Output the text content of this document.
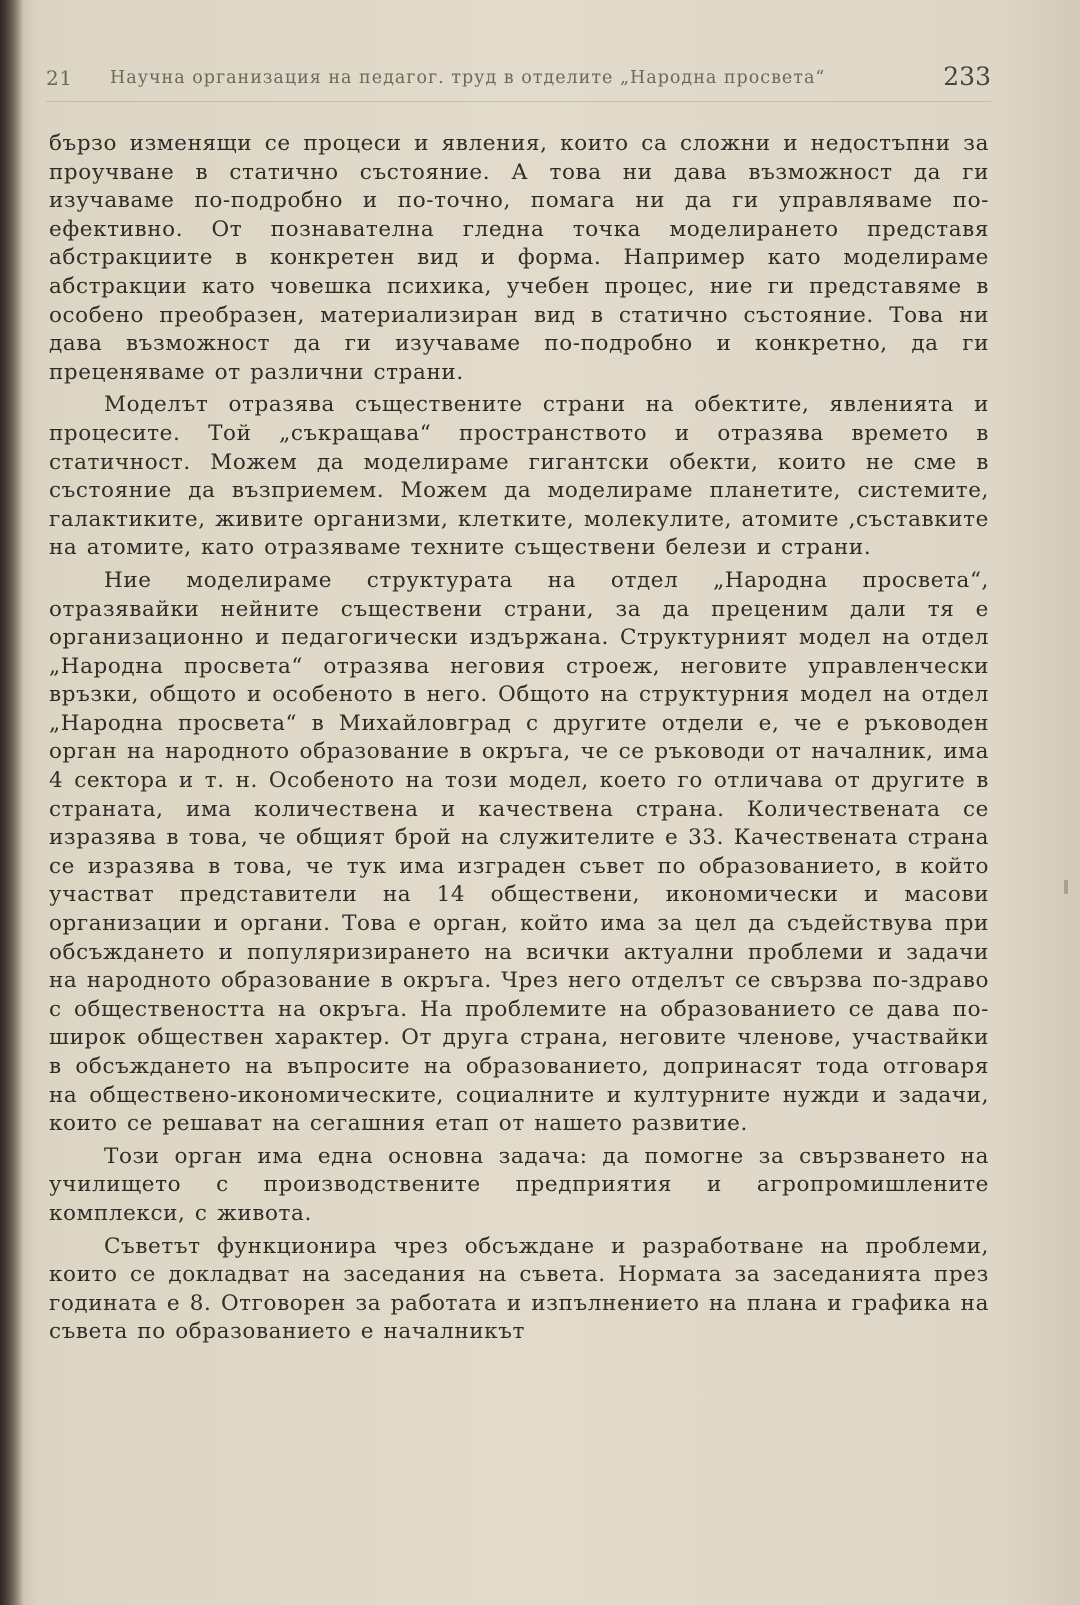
21 Научна организация на педагог. труд в отделите „Народна просвета“	233

бързо изменящи се процеси и явления, които са сложни и недостъпни за проучване в статично състояние. А това ни дава възможност да ги изучаваме по-подробно и по-точно, помага ни да ги управляваме по-ефективно. От познавателна гледна точка моделирането представя абстракциите в конкретен вид и форма. Например като моделираме абстракции като човешка психика, учебен процес, ние ги представяме в особено преобразен, материализиран вид в статично състояние. Това ни дава възможност да ги изучаваме по-подробно и конкретно, да ги преценяваме от различни страни.

Моделът отразява съществените страни на обектите, явленията и процесите. Той „съкращава“ пространството и отразява времето в статичност. Можем да моделираме гигантски обекти, които не сме в състояние да възприемем. Можем да моделираме планетите, системите, галактиките, живите организми, клетките, молекулите, атомите ,съставките на атомите, като отразяваме техните съществени белези и страни.

Ние моделираме структурата на отдел „Народна просвета“, отразявайки нейните съществени страни, за да преценим дали тя е организационно и педагогически издържана. Структурният модел на отдел „Народна просвета“ отразява неговия строеж, неговите управленчески връзки, общото и особеното в него. Общото на структурния модел на отдел „Народна просвета“ в Михайловград с другите отдели е, че е ръководен орган на народното образование в окръга, че се ръководи от началник, има 4 сектора и т. н. Особеното на този модел, което го отличава от другите в страната, има количествена и качествена страна. Количествената се изразява в това, че общият брой на служителите е 33. Качествената страна се изразява в това, че тук има изграден съвет по образованието, в който участват представители на 14 обществени, икономически и масови организации и органи. Това е орган, който има за цел да съдействува при обсъждането и популяризирането на всички актуални проблеми и задачи на народното образование в окръга. Чрез него отделът се свързва по-здраво с обществеността на окръга. На проблемите на образованието се дава по-широк обществен характер. От друга страна, неговите членове, участвайки в обсъждането на въпросите на образованието, допринасят тода отговаря на обществено-икономическите, социалните и културните нужди и задачи, които се решават на сегашния етап от нашето развитие.

Този орган има една основна задача: да помогне за свързването на училището с производствените предприятия и агропромишлените комплекси, с живота.

Съветът функционира чрез обсъждане и разработване на проблеми, които се докладват на заседания на съвета. Нормата за заседанията през годината е 8. Отговорен за работата и изпълнението на плана и графика на съвета по образованието е началникът
